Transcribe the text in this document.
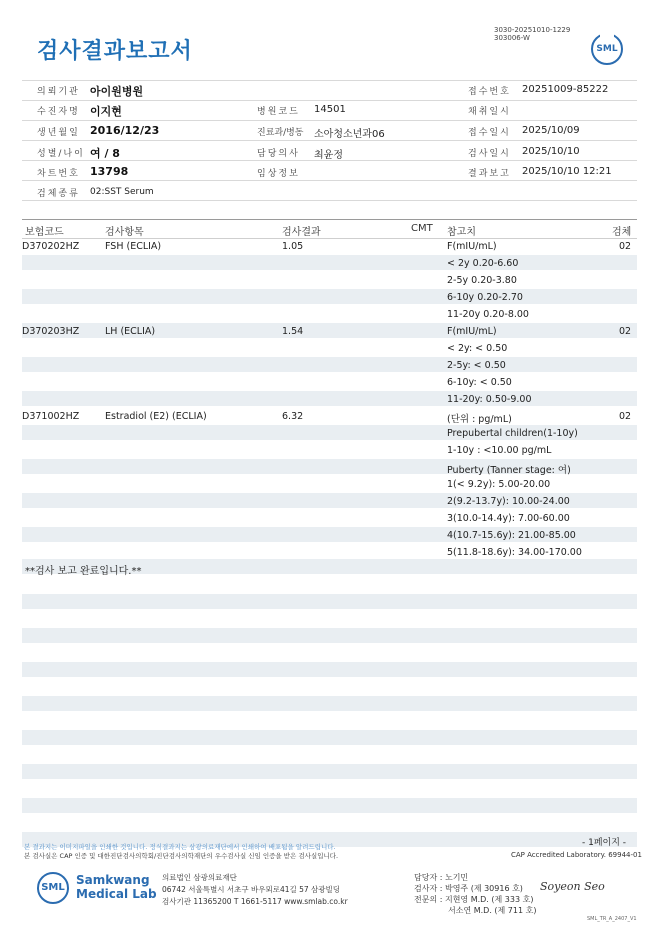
검사결과보고서
3030-20251010-1229
303006-W
SML
의뢰기관 아이원병원	접수번호 20251009-85222
수진자명 이지현	병원코드 14501	채취일시
생년월일 2016/12/23	진료과/병동 소아청소년과06	접수일시 2025/10/09
성별/나이 여 / 8	담당의사 최윤정	검사일시 2025/10/10
차트번호 13798	임상정보	결과보고 2025/10/10 12:21
검체종류 02:SST Serum
보험코드	검사항목	검사결과	CMT 참고치	검체
D370202HZ	FSH (ECLIA)	1.05	F(mIU/mL)	02
< 2y 0.20-6.60
2-5y 0.20-3.80
6-10y 0.20-2.70
11-20y 0.20-8.00
D370203HZ	LH (ECLIA)	1.54	F(mIU/mL)	02
< 2y: < 0.50
2-5y: < 0.50
6-10y: < 0.50
11-20y: 0.50-9.00
D371002HZ	Estradiol (E2) (ECLIA)	6.32	(단위 : pg/mL)	02
Prepubertal children(1-10y)
1-10y : <10.00 pg/mL
Puberty (Tanner stage: 여)
1(< 9.2y): 5.00-20.00
2(9.2-13.7y): 10.00-24.00
3(10.0-14.4y): 7.00-60.00
4(10.7-15.6y): 21.00-85.00
5(11.8-18.6y): 34.00-170.00
**검사 보고 완료입니다.**
본 결과지는 이미지파일을 인쇄한 것입니다. 정식결과지는 삼광의료재단에서 인쇄하여 배포됨을 알려드립니다.
본 검사실은 CAP 인증 및 대한진단검사의학회/진단검사의학재단의 우수검사실 신임 인증을 받은 검사실입니다.
- 1페이지 -
CAP Accredited Laboratory. 69944-01
SML
Samkwang
Medical Lab
의료법인 삼광의료재단
06742 서울특별시 서초구 바우뫼로41길 57 삼광빌딩
검사기관 11365200 T 1661-5117 www.smlab.co.kr
담당자 : 노기민
검사자 : 박영주 (제 30916 호)
전문의 : 지현영 M.D. (제 333 호)
서소연 M.D. (제 711 호)
Soyeon Seo
SML_TR_A_2407_V1
